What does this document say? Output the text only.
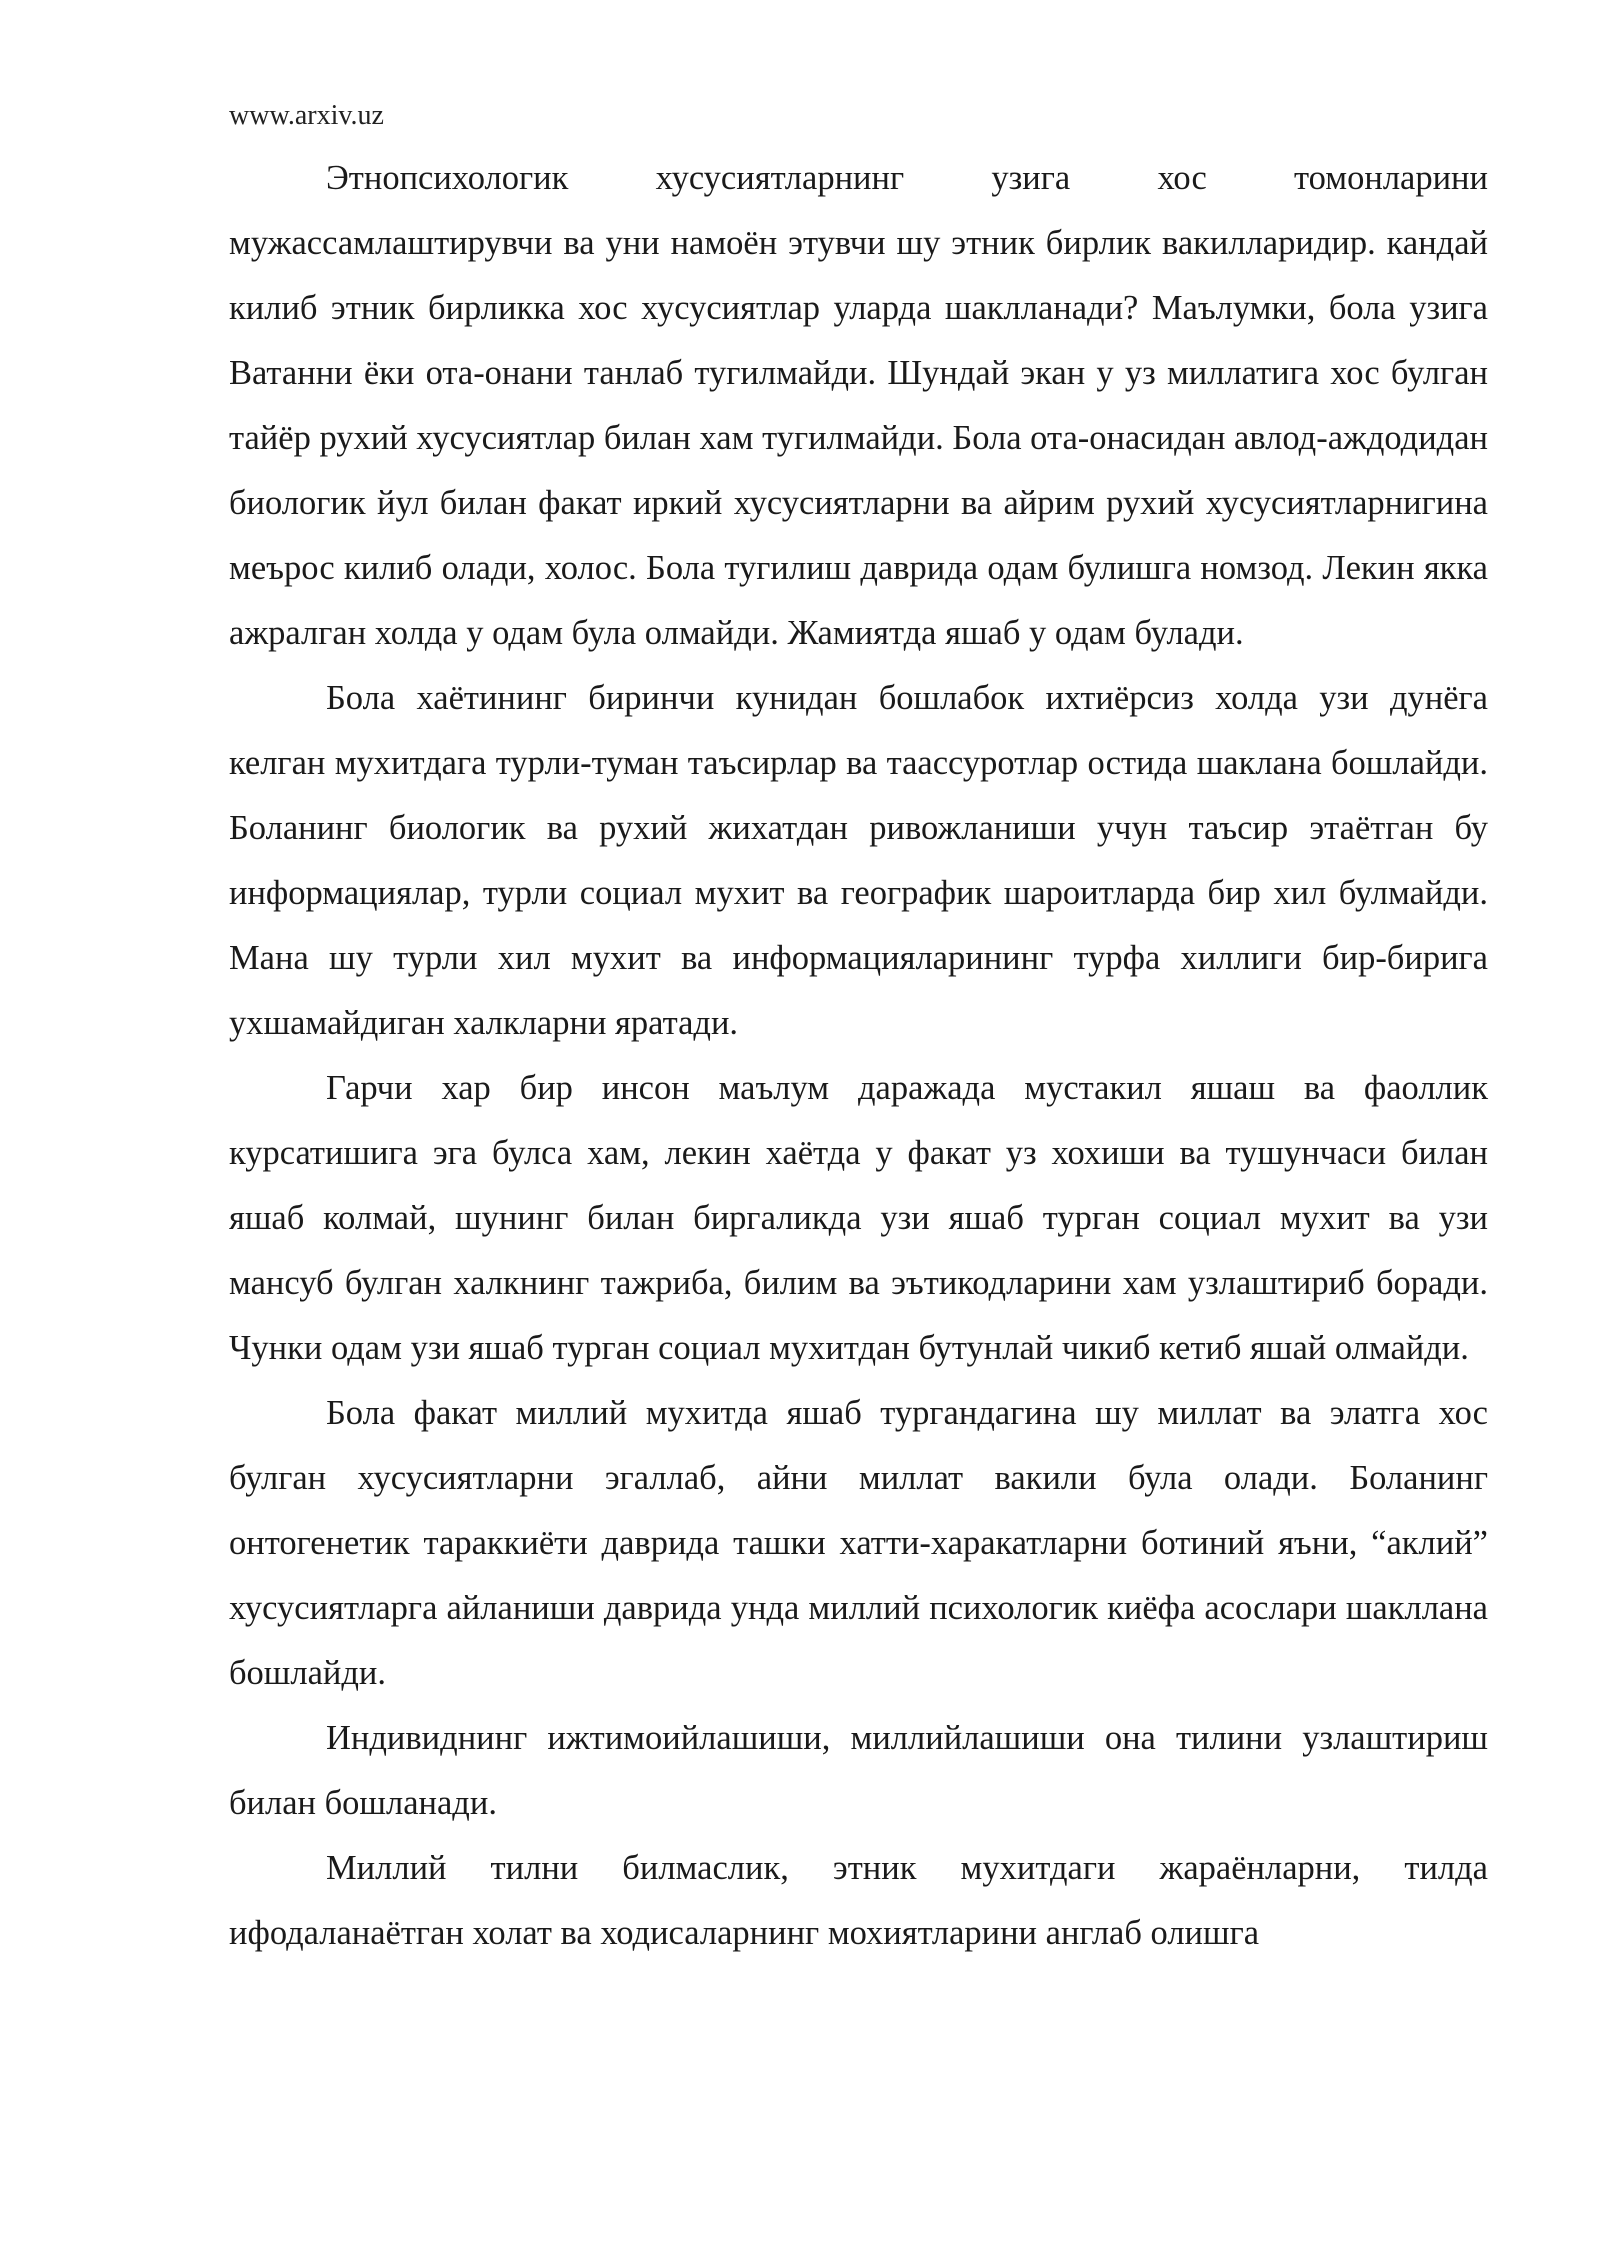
www.arxiv.uz

Этнопсихологик хусусиятларнинг узига хос томонларини мужассамлаштирувчи ва уни намоён этувчи шу этник бирлик вакилларидир. кандай килиб этник бирликка хос хусусиятлар уларда шаклланади? Маълумки, бола узига Ватанни ёки ота-онани танлаб тугилмайди. Шундай экан у уз миллатига хос булган тайёр рухий хусусиятлар билан хам тугилмайди. Бола ота-онасидан авлод-аждодидан биологик йул билан факат иркий хусусиятларни ва айрим рухий хусусиятларнигина меърос килиб олади, холос. Бола тугилиш даврида одам булишга номзод. Лекин якка ажралган холда у одам була олмайди. Жамиятда яшаб у одам булади.

Бола хаётининг биринчи кунидан бошлабок ихтиёрсиз холда узи дунёга келган мухитдага турли-туман таъсирлар ва таассуротлар остида шаклана бошлайди. Боланинг биологик ва рухий жихатдан ривожланиши учун таъсир этаётган бу информациялар, турли социал мухит ва географик шароитларда бир хил булмайди. Мана шу турли хил мухит ва информацияларининг турфа хиллиги бир-бирига ухшамайдиган халкларни яратади.

Гарчи хар бир инсон маълум даражада мустакил яшаш ва фаоллик курсатишига эга булса хам, лекин хаётда у факат уз хохиши ва тушунчаси билан яшаб колмай, шунинг билан биргаликда узи яшаб турган социал мухит ва узи мансуб булган халкнинг тажриба, билим ва эътикодларини хам узлаштириб боради. Чунки одам узи яшаб турган социал мухитдан бутунлай чикиб кетиб яшай олмайди.

Бола факат миллий мухитда яшаб тургандагина шу миллат ва элатга хос булган хусусиятларни эгаллаб, айни миллат вакили була олади. Боланинг онтогенетик тараккиёти даврида ташки хатти-харакатларни ботиний яъни, “аклий” хусусиятларга айланиши даврида унда миллий психологик киёфа асослари шакллана бошлайди.

Индивиднинг ижтимоийлашиши, миллийлашиши она тилини узлаштириш билан бошланади.

Миллий тилни билмаслик, этник мухитдаги жараёнларни, тилда ифодаланаётган холат ва ходисаларнинг мохиятларини англаб олишга
